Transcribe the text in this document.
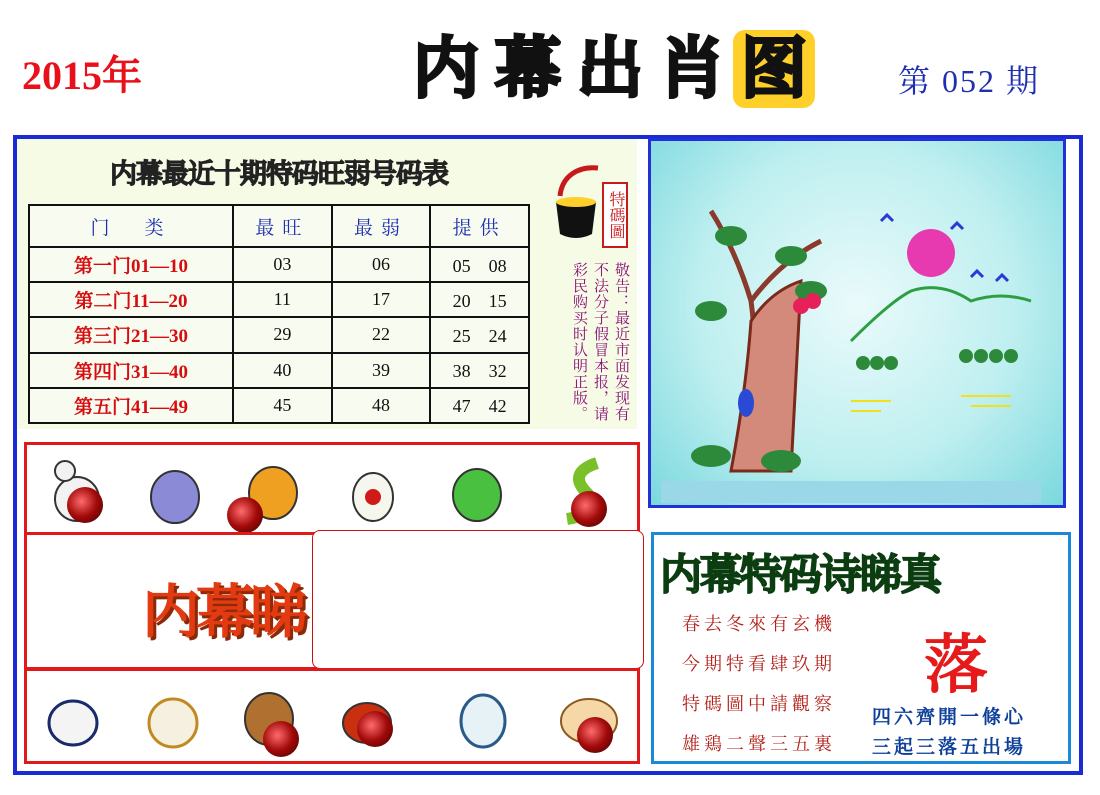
2015年	内 幕 出 肖 图	第 052 期
内幕最近十期特码旺弱号码表
门　类	最旺	最弱	提供
第一门01—10	03	06	05　08
第二门11—20	11	17	20　15
第三门21—30	29	22	25　24
第四门31—40	40	39	38　32
第五门41—49	45	48	47　42
特碼圖
敬告：最近市面发现有不法分子假冒本报，请彩民购买时认明正版。
内幕睇
内幕特码诗睇真
春去冬來有玄機
今期特看肆玖期
特碼圖中請觀察
雄鶏二聲三五裏
落
四六齊開一條心
三起三落五出場
